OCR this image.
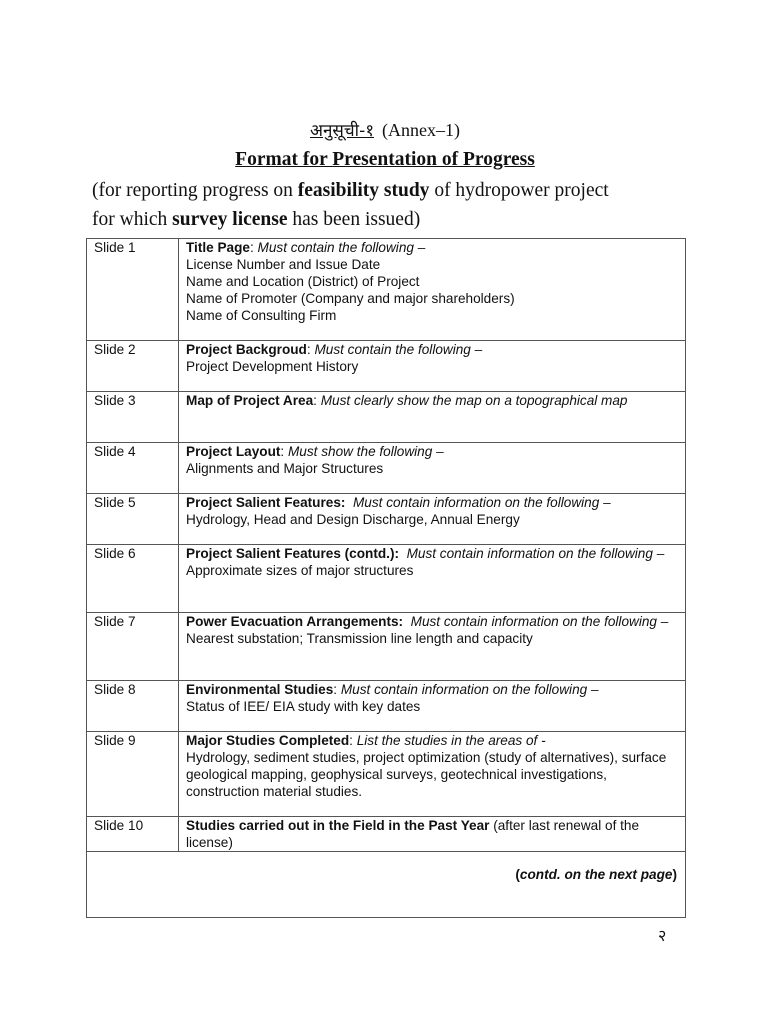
अनुसूची-१ (Annex–1)
Format for Presentation of Progress
(for reporting progress on feasibility study of hydropower project
for which survey license has been issued)
Slide 1	Title Page: Must contain the following –
License Number and Issue Date
Name and Location (District) of Project
Name of Promoter (Company and major shareholders)
Name of Consulting Firm

Slide 2	Project Backgroud: Must contain the following –
Project Development History

Slide 3	Map of Project Area: Must clearly show the map on a topographical map

Slide 4	Project Layout: Must show the following –
Alignments and Major Structures

Slide 5	Project Salient Features: Must contain information on the following –
Hydrology, Head and Design Discharge, Annual Energy

Slide 6	Project Salient Features (contd.): Must contain information on the following –
Approximate sizes of major structures

Slide 7	Power Evacuation Arrangements: Must contain information on the following –
Nearest substation; Transmission line length and capacity

Slide 8	Environmental Studies: Must contain information on the following –
Status of IEE/ EIA study with key dates

Slide 9	Major Studies Completed: List the studies in the areas of -
Hydrology, sediment studies, project optimization (study of alternatives), surface geological mapping, geophysical surveys, geotechnical investigations, construction material studies.

Slide 10	Studies carried out in the Field in the Past Year (after last renewal of the license)

(contd. on the next page)	
२
